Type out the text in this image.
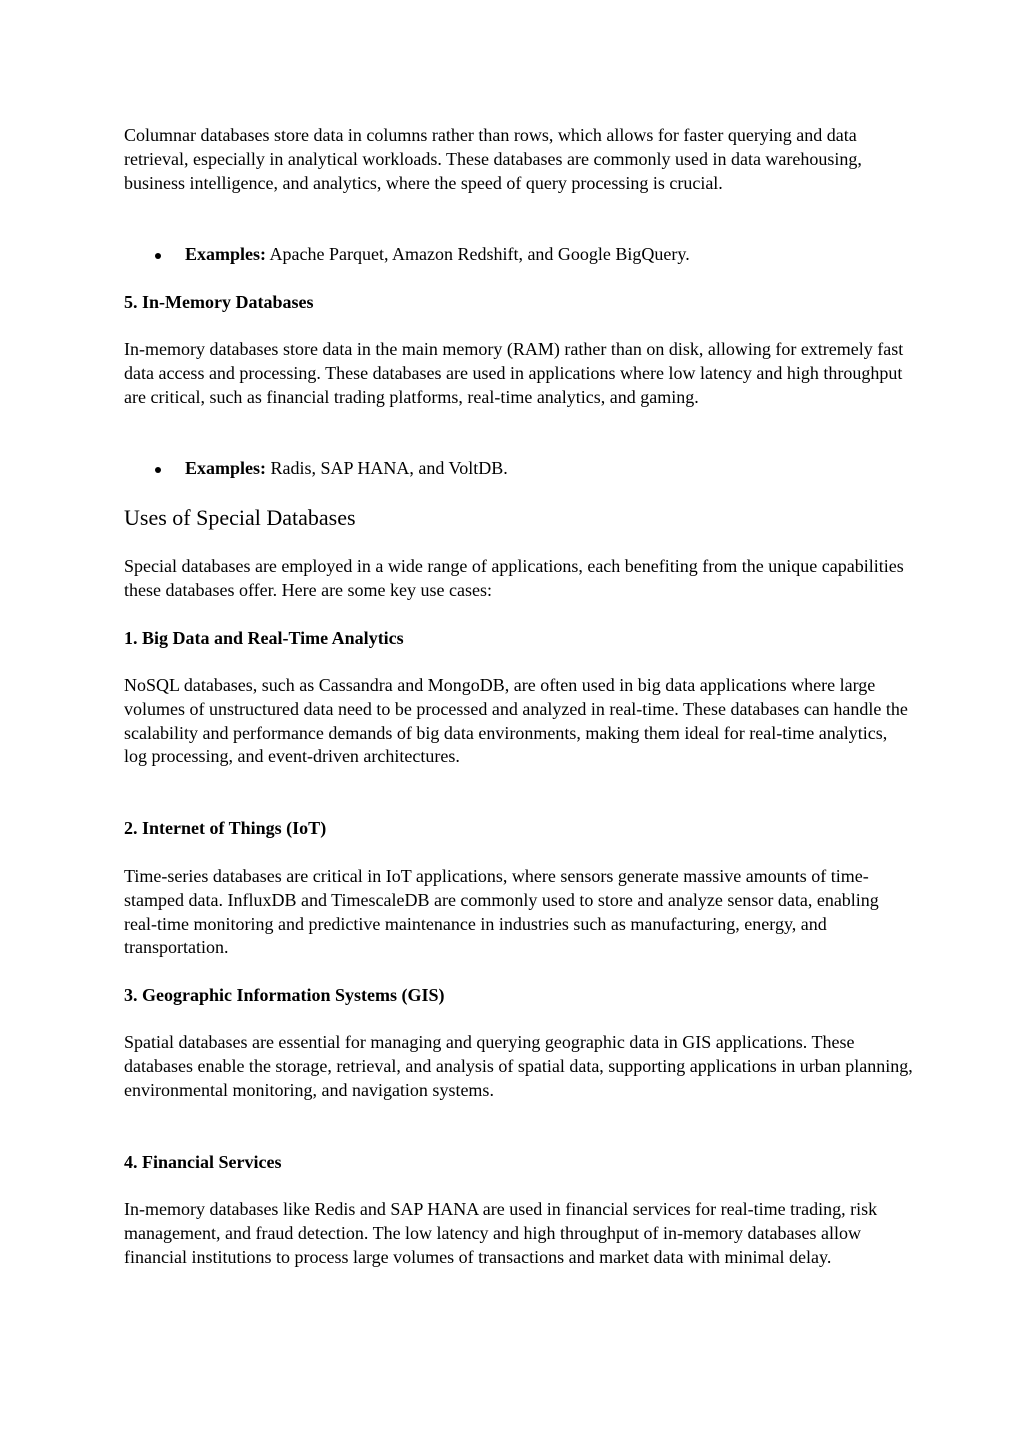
Columnar databases store data in columns rather than rows, which allows for faster querying and data retrieval, especially in analytical workloads. These databases are commonly used in data warehousing, business intelligence, and analytics, where the speed of query processing is crucial.

Examples: Apache Parquet, Amazon Redshift, and Google BigQuery.

5. In-Memory Databases

In-memory databases store data in the main memory (RAM) rather than on disk, allowing for extremely fast data access and processing. These databases are used in applications where low latency and high throughput are critical, such as financial trading platforms, real-time analytics, and gaming.

Examples: Radis, SAP HANA, and VoltDB.

Uses of Special Databases

Special databases are employed in a wide range of applications, each benefiting from the unique capabilities these databases offer. Here are some key use cases:

1. Big Data and Real-Time Analytics

NoSQL databases, such as Cassandra and MongoDB, are often used in big data applications where large volumes of unstructured data need to be processed and analyzed in real-time. These databases can handle the scalability and performance demands of big data environments, making them ideal for real-time analytics, log processing, and event-driven architectures.

2. Internet of Things (IoT)

Time-series databases are critical in IoT applications, where sensors generate massive amounts of time-stamped data. InfluxDB and TimescaleDB are commonly used to store and analyze sensor data, enabling real-time monitoring and predictive maintenance in industries such as manufacturing, energy, and transportation.

3. Geographic Information Systems (GIS)

Spatial databases are essential for managing and querying geographic data in GIS applications. These databases enable the storage, retrieval, and analysis of spatial data, supporting applications in urban planning, environmental monitoring, and navigation systems.

4. Financial Services

In-memory databases like Redis and SAP HANA are used in financial services for real-time trading, risk management, and fraud detection. The low latency and high throughput of in-memory databases allow financial institutions to process large volumes of transactions and market data with minimal delay.
